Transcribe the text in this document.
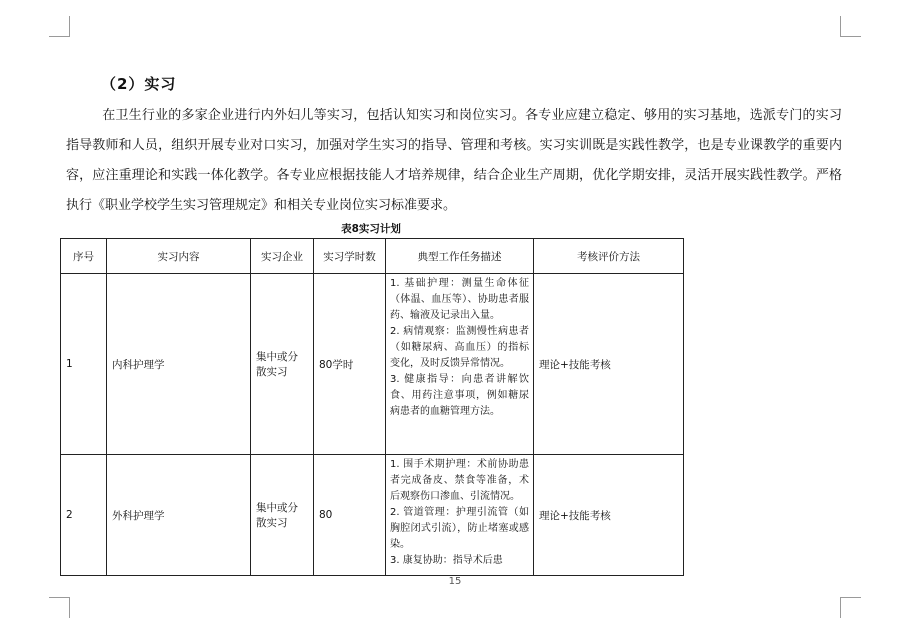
（2）实习
在卫生行业的多家企业进行内外妇儿等实习，包括认知实习和岗位实习。各专业应建立稳定、够用的实习基地，选派专门的实习指导教师和人员，组织开展专业对口实习，加强对学生实习的指导、管理和考核。实习实训既是实践性教学，也是专业课教学的重要内容，应注重理论和实践一体化教学。各专业应根据技能人才培养规律，结合企业生产周期，优化学期安排，灵活开展实践性教学。严格执行《职业学校学生实习管理规定》和相关专业岗位实习标准要求。
表8实习计划
序号	实习内容	实习企业	实习学时数	典型工作任务描述	考核评价方法
1	内科护理学	集中或分散实习	80学时	1. 基础护理：测量生命体征（体温、血压等）、协助患者服药、输液及记录出入量。
2. 病情观察：监测慢性病患者（如糖尿病、高血压）的指标变化，及时反馈异常情况。
3. 健康指导：向患者讲解饮食、用药注意事项，例如糖尿病患者的血糖管理方法。	理论+技能考核
2	外科护理学	集中或分散实习	80	1. 围手术期护理：术前协助患者完成备皮、禁食等准备，术后观察伤口渗血、引流情况。
2. 管道管理：护理引流管（如胸腔闭式引流），防止堵塞或感染。
3. 康复协助：指导术后患	理论+技能考核
15
